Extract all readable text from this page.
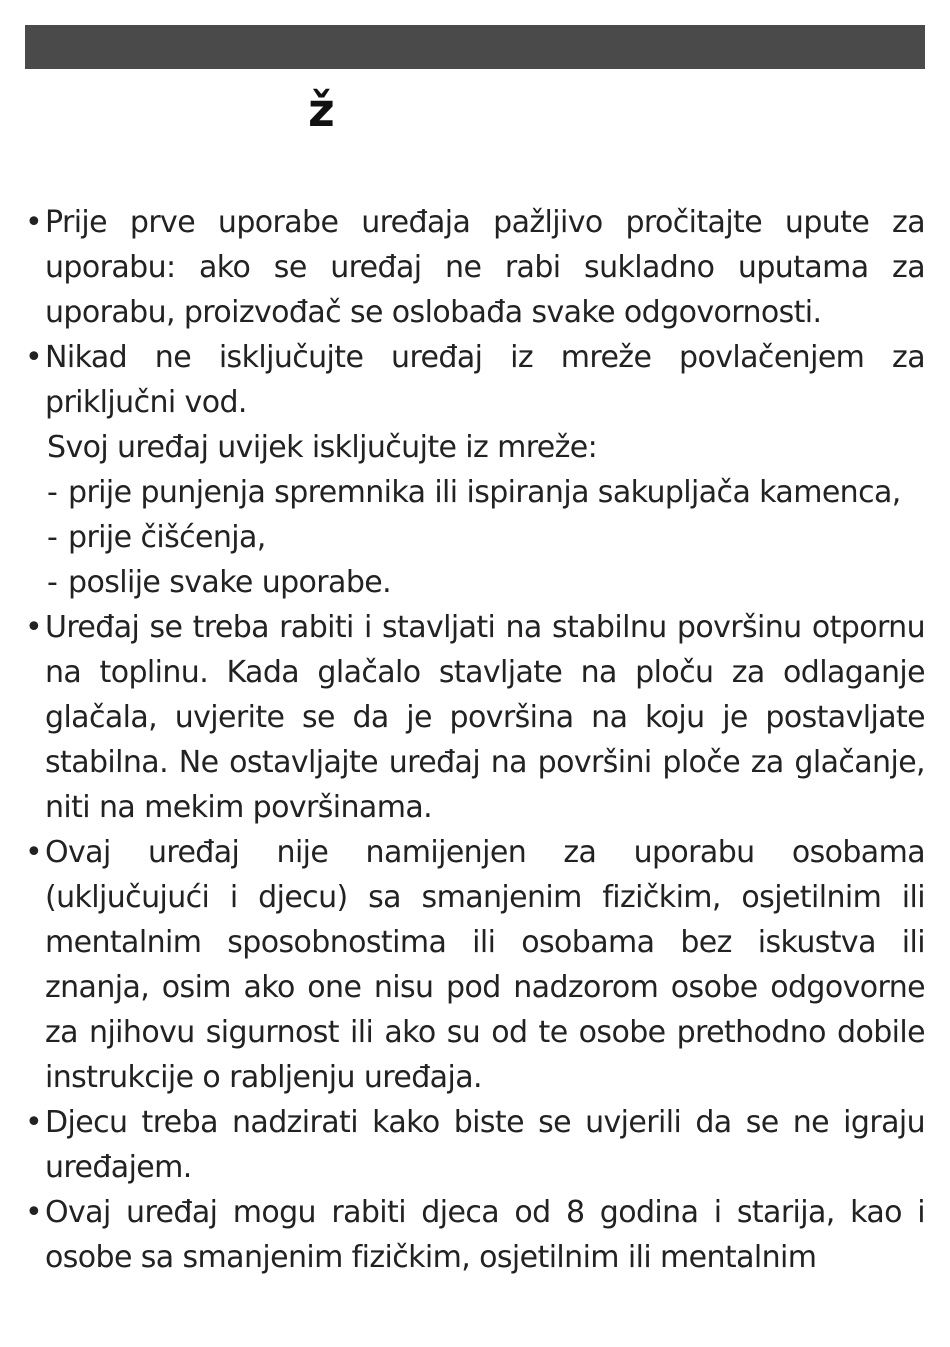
ž
• Prije prve uporabe uređaja pažljivo pročitajte upute za uporabu: ako se uređaj ne rabi sukladno uputama za uporabu, proizvođač se oslobađa svake odgovornosti.
• Nikad ne isključujte uređaj iz mreže povlačenjem za priključni vod.
Svoj uređaj uvijek isključujte iz mreže:
- prije punjenja spremnika ili ispiranja sakupljača kamenca,
- prije čišćenja,
- poslije svake uporabe.
• Uređaj se treba rabiti i stavljati na stabilnu površinu otpornu na toplinu. Kada glačalo stavljate na ploču za odlaganje glačala, uvjerite se da je površina na koju je postavljate stabilna. Ne ostavljajte uređaj na površini ploče za glačanje, niti na mekim površinama.
• Ovaj uređaj nije namijenjen za uporabu osobama (uključujući i djecu) sa smanjenim fizičkim, osjetilnim ili mentalnim sposobnostima ili osobama bez iskustva ili znanja, osim ako one nisu pod nadzorom osobe odgovorne za njihovu sigurnost ili ako su od te osobe prethodno dobile instrukcije o rabljenju uređaja.
• Djecu treba nadzirati kako biste se uvjerili da se ne igraju uređajem.
• Ovaj uređaj mogu rabiti djeca od 8 godina i starija, kao i osobe sa smanjenim fizičkim, osjetilnim ili mentalnim
